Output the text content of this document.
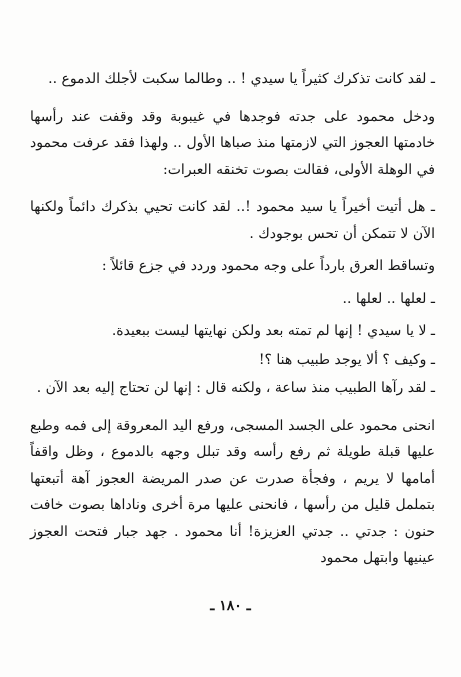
ـ لقد كانت تذكرك كثيراً يا سيدي ! .. وطالما سكبت لأجلك الدموع ..

ودخل محمود على جدته فوجدها في غيبوبة وقد وقفت عند رأسها خادمتها العجوز التي لازمتها منذ صباها الأول .. ولهذا فقد عرفت محمود في الوهلة الأولى، فقالت بصوت تخنقه العبرات:

ـ هل أتيت أخيراً يا سيد محمود !.. لقد كانت تحيي بذكرك دائماً ولكنها الآن لا تتمكن أن تحس بوجودك .

وتساقط العرق بارداً على وجه محمود وردد في جزع قائلاً :

ـ لعلها .. لعلها ..

ـ لا يا سيدي ! إنها لم تمته بعد ولكن نهايتها ليست ببعيدة.

ـ وكيف ؟ ألا يوجد طبيب هنا ؟!

ـ لقد رآها الطبيب منذ ساعة ، ولكنه قال : إنها لن تحتاج إليه بعد الآن .

انحنى محمود على الجسد المسجى، ورفع اليد المعروقة إلى فمه وطبع عليها قبلة طويلة ثم رفع رأسه وقد تبلل وجهه بالدموع ، وظل واقفاً أمامها لا يريم ، وفجأة صدرت عن صدر المريضة العجوز آهة أتبعتها بتململ قليل من رأسها ، فانحنى عليها مرة أخرى وناداها بصوت خافت حنون : جدتي .. جدتي العزيزة! أنا محمود . جهد جبار فتحت العجوز عينيها وابتهل محمود

ـ ١٨٠ ـ
